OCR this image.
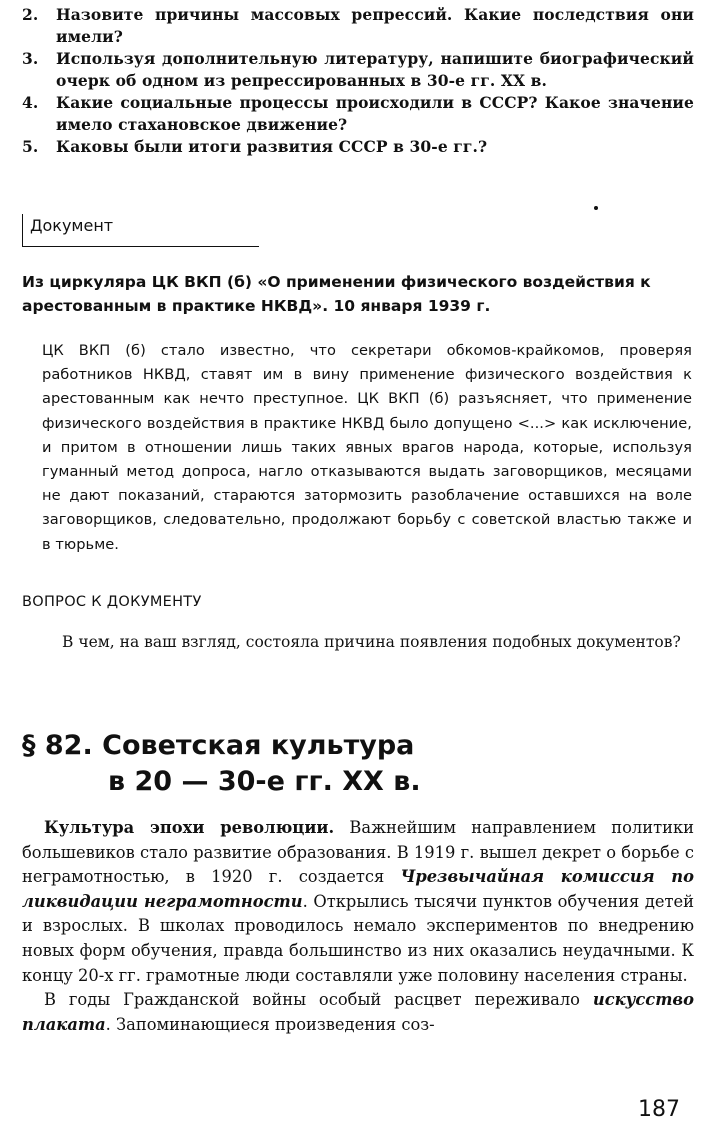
2.	Назовите причины массовых репрессий. Какие последствия они имели?
3.	Используя дополнительную литературу, напишите биографический очерк об одном из репрессированных в 30-е гг. XX в.
4.	Какие социальные процессы происходили в СССР? Какое значение имело стахановское движение?
5.	Каковы были итоги развития СССР в 30-е гг.?
Документ
Из циркуляра ЦК ВКП (б) «О применении физического воздействия к арестованным в практике НКВД». 10 января 1939 г.
ЦК ВКП (б) стало известно, что секретари обкомов-крайкомов, проверяя работников НКВД, ставят им в вину применение физического воздействия к арестованным как нечто преступное. ЦК ВКП (б) разъясняет, что применение физического воздействия в практике НКВД было допущено <...> как исключение, и притом в отношении лишь таких явных врагов народа, которые, используя гуманный метод допроса, нагло отказываются выдать заговорщиков, месяцами не дают показаний, стараются затормозить разоблачение оставшихся на воле заговорщиков, следовательно, продолжают борьбу с советской властью также и в тюрьме.
ВОПРОС К ДОКУМЕНТУ
В чем, на ваш взгляд, состояла причина появления подобных документов?
§ 82. Советская культура
в 20 — 30-е гг. XX в.

Культура эпохи революции. Важнейшим направлением политики большевиков стало развитие образования. В 1919 г. вышел декрет о борьбе с неграмотностью, в 1920 г. создается Чрезвычайная комиссия по ликвидации неграмотности. Открылись тысячи пунктов обучения детей и взрослых. В школах проводилось немало экспериментов по внедрению новых форм обучения, правда большинство из них оказались неудачными. К концу 20-х гг. грамотные люди составляли уже половину населения страны.

В годы Гражданской войны особый расцвет переживало искусство плаката. Запоминающиеся произведения соз-

187
